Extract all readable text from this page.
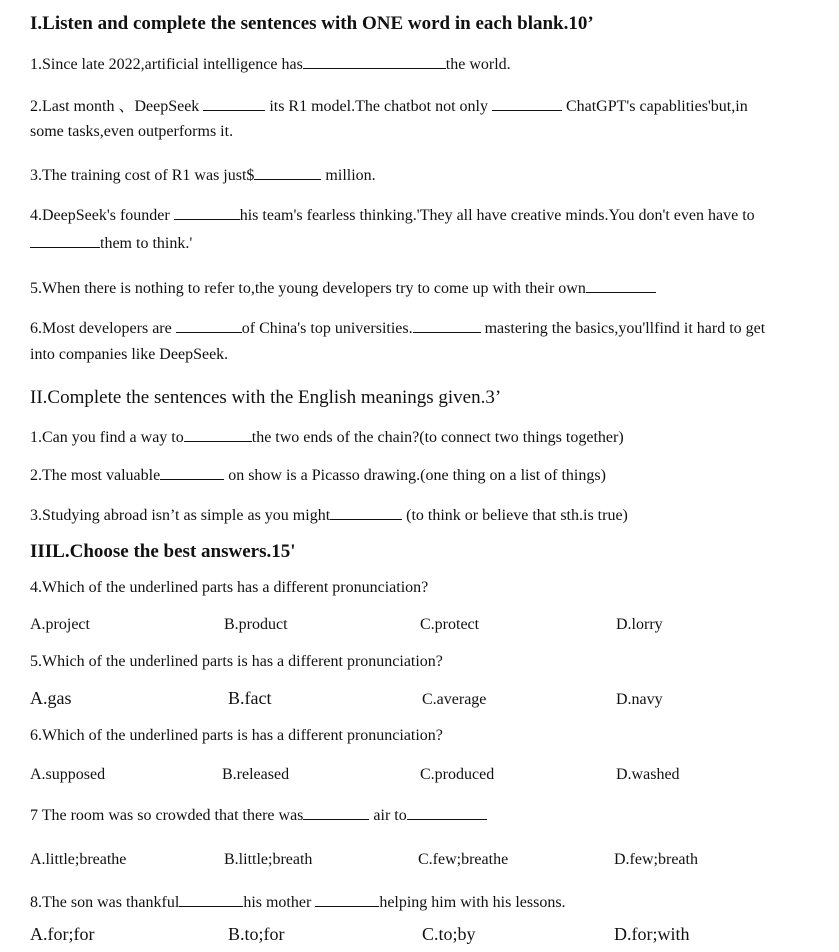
I.Listen and complete the sentences with ONE word in each blank.10’
1.Since late 2022,artificial intelligence has	the world.
2.Last month 、DeepSeek	its R1 model.The chatbot not only	ChatGPT's capablities'but,in
some tasks,even outperforms it.
3.The training cost of R1 was just$	million.
4.DeepSeek's founder	his team's fearless thinking.'They all have creative minds.You don't even have to
them to think.'
5.When there is nothing to refer to,the young developers try to come up with their own
6.Most developers are	of China's top universities.	mastering the basics,you'llfind it hard to get
into companies like DeepSeek.
II.Complete the sentences with the English meanings given.3’
1.Can you find a way to	the two ends of the chain?(to connect two things together)
2.The most valuable	on show is a Picasso drawing.(one thing on a list of things)
3.Studying abroad isn’t as simple as you might	(to think or believe that sth.is true)
IIIL.Choose the best answers.15'
4.Which of the underlined parts has a different pronunciation?
A.project	B.product	C.protect	D.lorry
5.Which of the underlined parts is has a different pronunciation?
A.gas	B.fact	C.average	D.navy
6.Which of the underlined parts is has a different pronunciation?
A.supposed	B.released	C.produced	D.washed
7 The room was so crowded that there was	air to
A.little;breathe	B.little;breath	C.few;breathe	D.few;breath
8.The son was thankful	his mother	helping him with his lessons.
A.for;for	B.to;for	C.to;by	D.for;with
